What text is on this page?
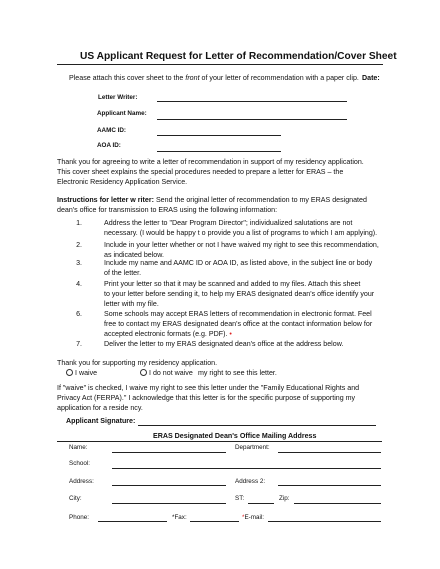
US Applicant Request for Letter of Recommendation/Cover Sheet
Please attach this cover sheet to the front of your letter of recommendation with a paper clip. Date:
Letter Writer:
Applicant Name:
AAMC ID:
AOA ID:
Thank you for agreeing to write a letter of recommendation in support of my residency application.
This cover sheet explains the special procedures needed to prepare a letter for ERAS – the
Electronic Residency Application Service.
Instructions for letter w riter: Send the original letter of recommendation to my ERAS designated
dean's office for transmission to ERAS using the following information:
1.	Address the letter to "Dear Program Director"; individualized salutations are not
necessary. (I would be happy t o provide you a list of programs to which I am applying).
2.	Include in your letter whether or not I have waived my right to see this recommendation,
as indicated below.
3.	Include my name and AAMC ID or AOA ID, as listed above, in the subject line or body
of the letter.
4.	Print your letter so that it may be scanned and added to my files. Attach this sheet
to your letter before sending it, to help my ERAS designated dean's office identify your
letter with my file.
6.	Some schools may accept ERAS letters of recommendation in electronic format. Feel
free to contact my ERAS designated dean's office at the contact information below for
accepted electronic formats (e.g. PDF). •
7.	Deliver the letter to my ERAS designated dean's office at the address below.
Thank you for supporting my residency application.
I waive	I do not waive my right to see this letter.
If "waive" is checked, I waive my right to see this letter under the "Family Educational Rights and
Privacy Act (FERPA)." I acknowledge that this letter is for the specific purpose of supporting my
application for a reside ncy.
Applicant Signature:
ERAS Designated Dean's Office Mailing Address
Name:	Department:
School:
Address:	Address 2:
City:	ST:	Zip:
Phone:	*Fax:	*E-mail:
